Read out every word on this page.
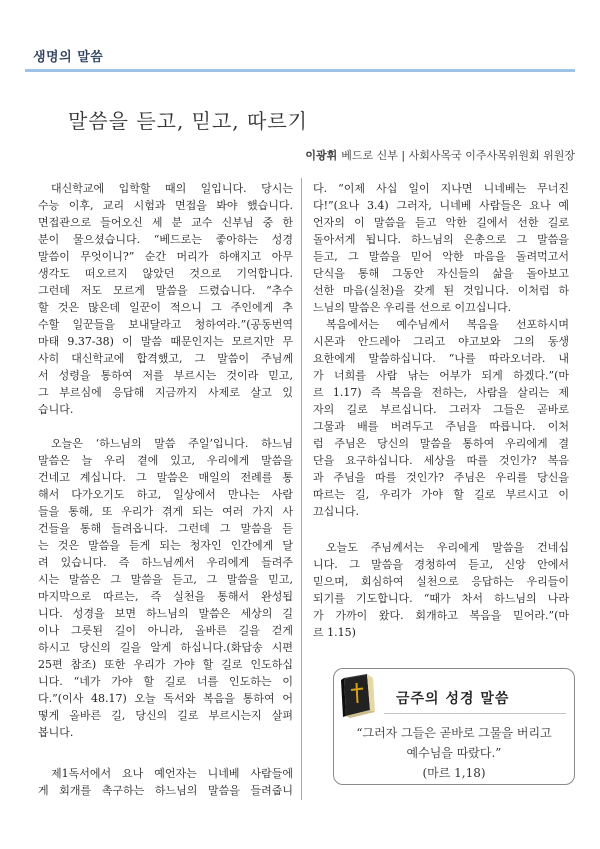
생명의 말씀
말씀을 듣고, 믿고, 따르기
이광휘 베드로 신부 | 사회사목국 이주사목위원회 위원장
대신학교에 입학할 때의 일입니다. 당시는
수능 이후, 교리 시험과 면접을 봐야 했습니다.
면접관으로 들어오신 세 분 교수 신부님 중 한
분이 물으셨습니다. “베드로는 좋아하는 성경
말씀이 무엇이니?” 순간 머리가 하얘지고 아무
생각도 떠오르지 않았던 것으로 기억합니다.
그런데 저도 모르게 말씀을 드렸습니다. “추수
할 것은 많은데 일꾼이 적으니 그 주인에게 추
수할 일꾼들을 보내달라고 청하여라.”(공동번역
마태 9.37-38) 이 말씀 때문인지는 모르지만 무
사히 대신학교에 합격했고, 그 말씀이 주님께
서 성령을 통하여 저를 부르시는 것이라 믿고,
그 부르심에 응답해 지금까지 사제로 살고 있
습니다.
오늘은 ‘하느님의 말씀 주일’입니다. 하느님
말씀은 늘 우리 곁에 있고, 우리에게 말씀을
건네고 계십니다. 그 말씀은 매일의 전례를 통
해서 다가오기도 하고, 일상에서 만나는 사람
들을 통해, 또 우리가 겪게 되는 여러 가지 사
건들을 통해 들려옵니다. 그런데 그 말씀을 듣
는 것은 말씀을 듣게 되는 청자인 인간에게 달
려 있습니다. 즉 하느님께서 우리에게 들려주
시는 말씀은 그 말씀을 듣고, 그 말씀을 믿고,
마지막으로 따르는, 즉 실천을 통해서 완성됩
니다. 성경을 보면 하느님의 말씀은 세상의 길
이나 그릇된 길이 아니라, 올바른 길을 걷게
하시고 당신의 길을 알게 하십니다.(화답송 시편
25편 참조) 또한 우리가 가야 할 길로 인도하십
니다. “네가 가야 할 길로 너를 인도하는 이
다.”(이사 48.17) 오늘 독서와 복음을 통하여 어
떻게 올바른 길, 당신의 길로 부르시는지 살펴
봅니다.
제1독서에서 요나 예언자는 니네베 사람들에
게 회개를 촉구하는 하느님의 말씀을 들려줍니
다. “이제 사십 일이 지나면 니네베는 무너진
다!”(요나 3.4) 그러자, 니네베 사람들은 요나 예
언자의 이 말씀을 듣고 악한 길에서 선한 길로
돌아서게 됩니다. 하느님의 은총으로 그 말씀을
듣고, 그 말씀을 믿어 악한 마음을 돌려먹고서
단식을 통해 그동안 자신들의 삶을 돌아보고
선한 마음(실천)을 갖게 된 것입니다. 이처럼 하
느님의 말씀은 우리를 선으로 이끄십니다.
복음에서는 예수님께서 복음을 선포하시며
시몬과 안드레아 그리고 야고보와 그의 동생
요한에게 말씀하십니다. “나를 따라오너라. 내
가 너희를 사람 낚는 어부가 되게 하겠다.”(마
르 1.17) 즉 복음을 전하는, 사람을 살리는 제
자의 길로 부르십니다. 그러자 그들은 곧바로
그물과 배를 버려두고 주님을 따릅니다. 이처
럼 주님은 당신의 말씀을 통하여 우리에게 결
단을 요구하십니다. 세상을 따를 것인가? 복음
과 주님을 따를 것인가? 주님은 우리를 당신을
따르는 길, 우리가 가야 할 길로 부르시고 이
끄십니다.
오늘도 주님께서는 우리에게 말씀을 건네십
니다. 그 말씀을 경청하여 듣고, 신앙 안에서
믿으며, 회심하여 실천으로 응답하는 우리들이
되기를 기도합니다. “때가 차서 하느님의 나라
가 가까이 왔다. 회개하고 복음을 믿어라.”(마
르 1.15)
금주의 성경 말씀
“그러자 그들은 곧바로 그물을 버리고
예수님을 따랐다.”
(마르 1,18)
